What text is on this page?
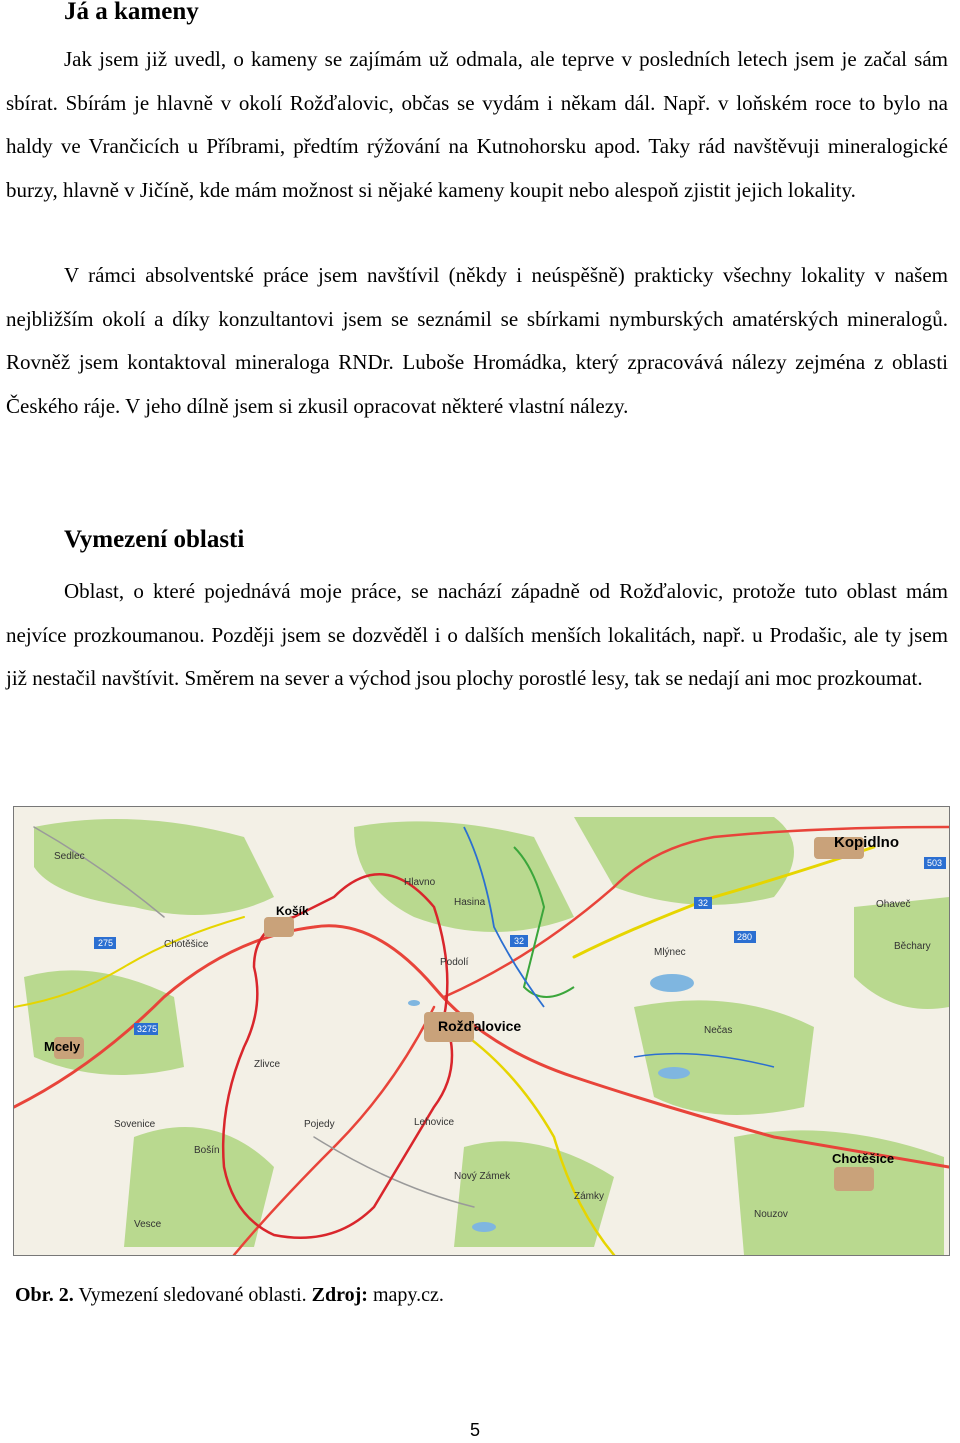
Já a kameny

Jak jsem již uvedl, o kameny se zajímám už odmala, ale teprve v posledních letech jsem je začal sám sbírat. Sbírám je hlavně v okolí Rožďalovic, občas se vydám i někam dál. Např. v loňském roce to bylo na haldy ve Vrančicích u Příbrami, předtím rýžování na Kutnohorsku apod. Taky rád navštěvuji mineralogické burzy, hlavně v Jičíně, kde mám možnost si nějaké kameny koupit nebo alespoň zjistit jejich lokality.

V rámci absolventské práce jsem navštívil (někdy i neúspěšně) prakticky všechny lokality v našem nejbližším okolí a díky konzultantovi jsem se seznámil se sbírkami nymburských amatérských mineralogů. Rovněž jsem kontaktoval mineraloga RNDr. Luboše Hromádka, který zpracovává nálezy zejména z oblasti Českého ráje. V jeho dílně jsem si zkusil opracovat některé vlastní nálezy.

Vymezení oblasti

Oblast, o které pojednává moje práce, se nachází západně od Rožďalovic, protože tuto oblast mám nejvíce prozkoumanou. Později jsem se dozvěděl i o dalších menších lokalitách, např. u Prodašic, ale ty jsem již nestačil navštívit. Směrem na sever a východ jsou plochy porostlé lesy, tak se nedají ani moc prozkoumat.

Kopidlno
Košík
Rožďalovice
Mcely
Chotěšice
Sedlec
Ohaveč
Chotěšice	Běchary
Podolí
Mlýnec
Nečas
Hasina
Pojedy
Zlivce
Sovenice
Bošín
Nouzov
Nový Zámek
Zámky
Lehovice
Vesce
Hlavno
275	32
3275
503
280
32
Obr. 2. Vymezení sledované oblasti. Zdroj: mapy.cz.
5
